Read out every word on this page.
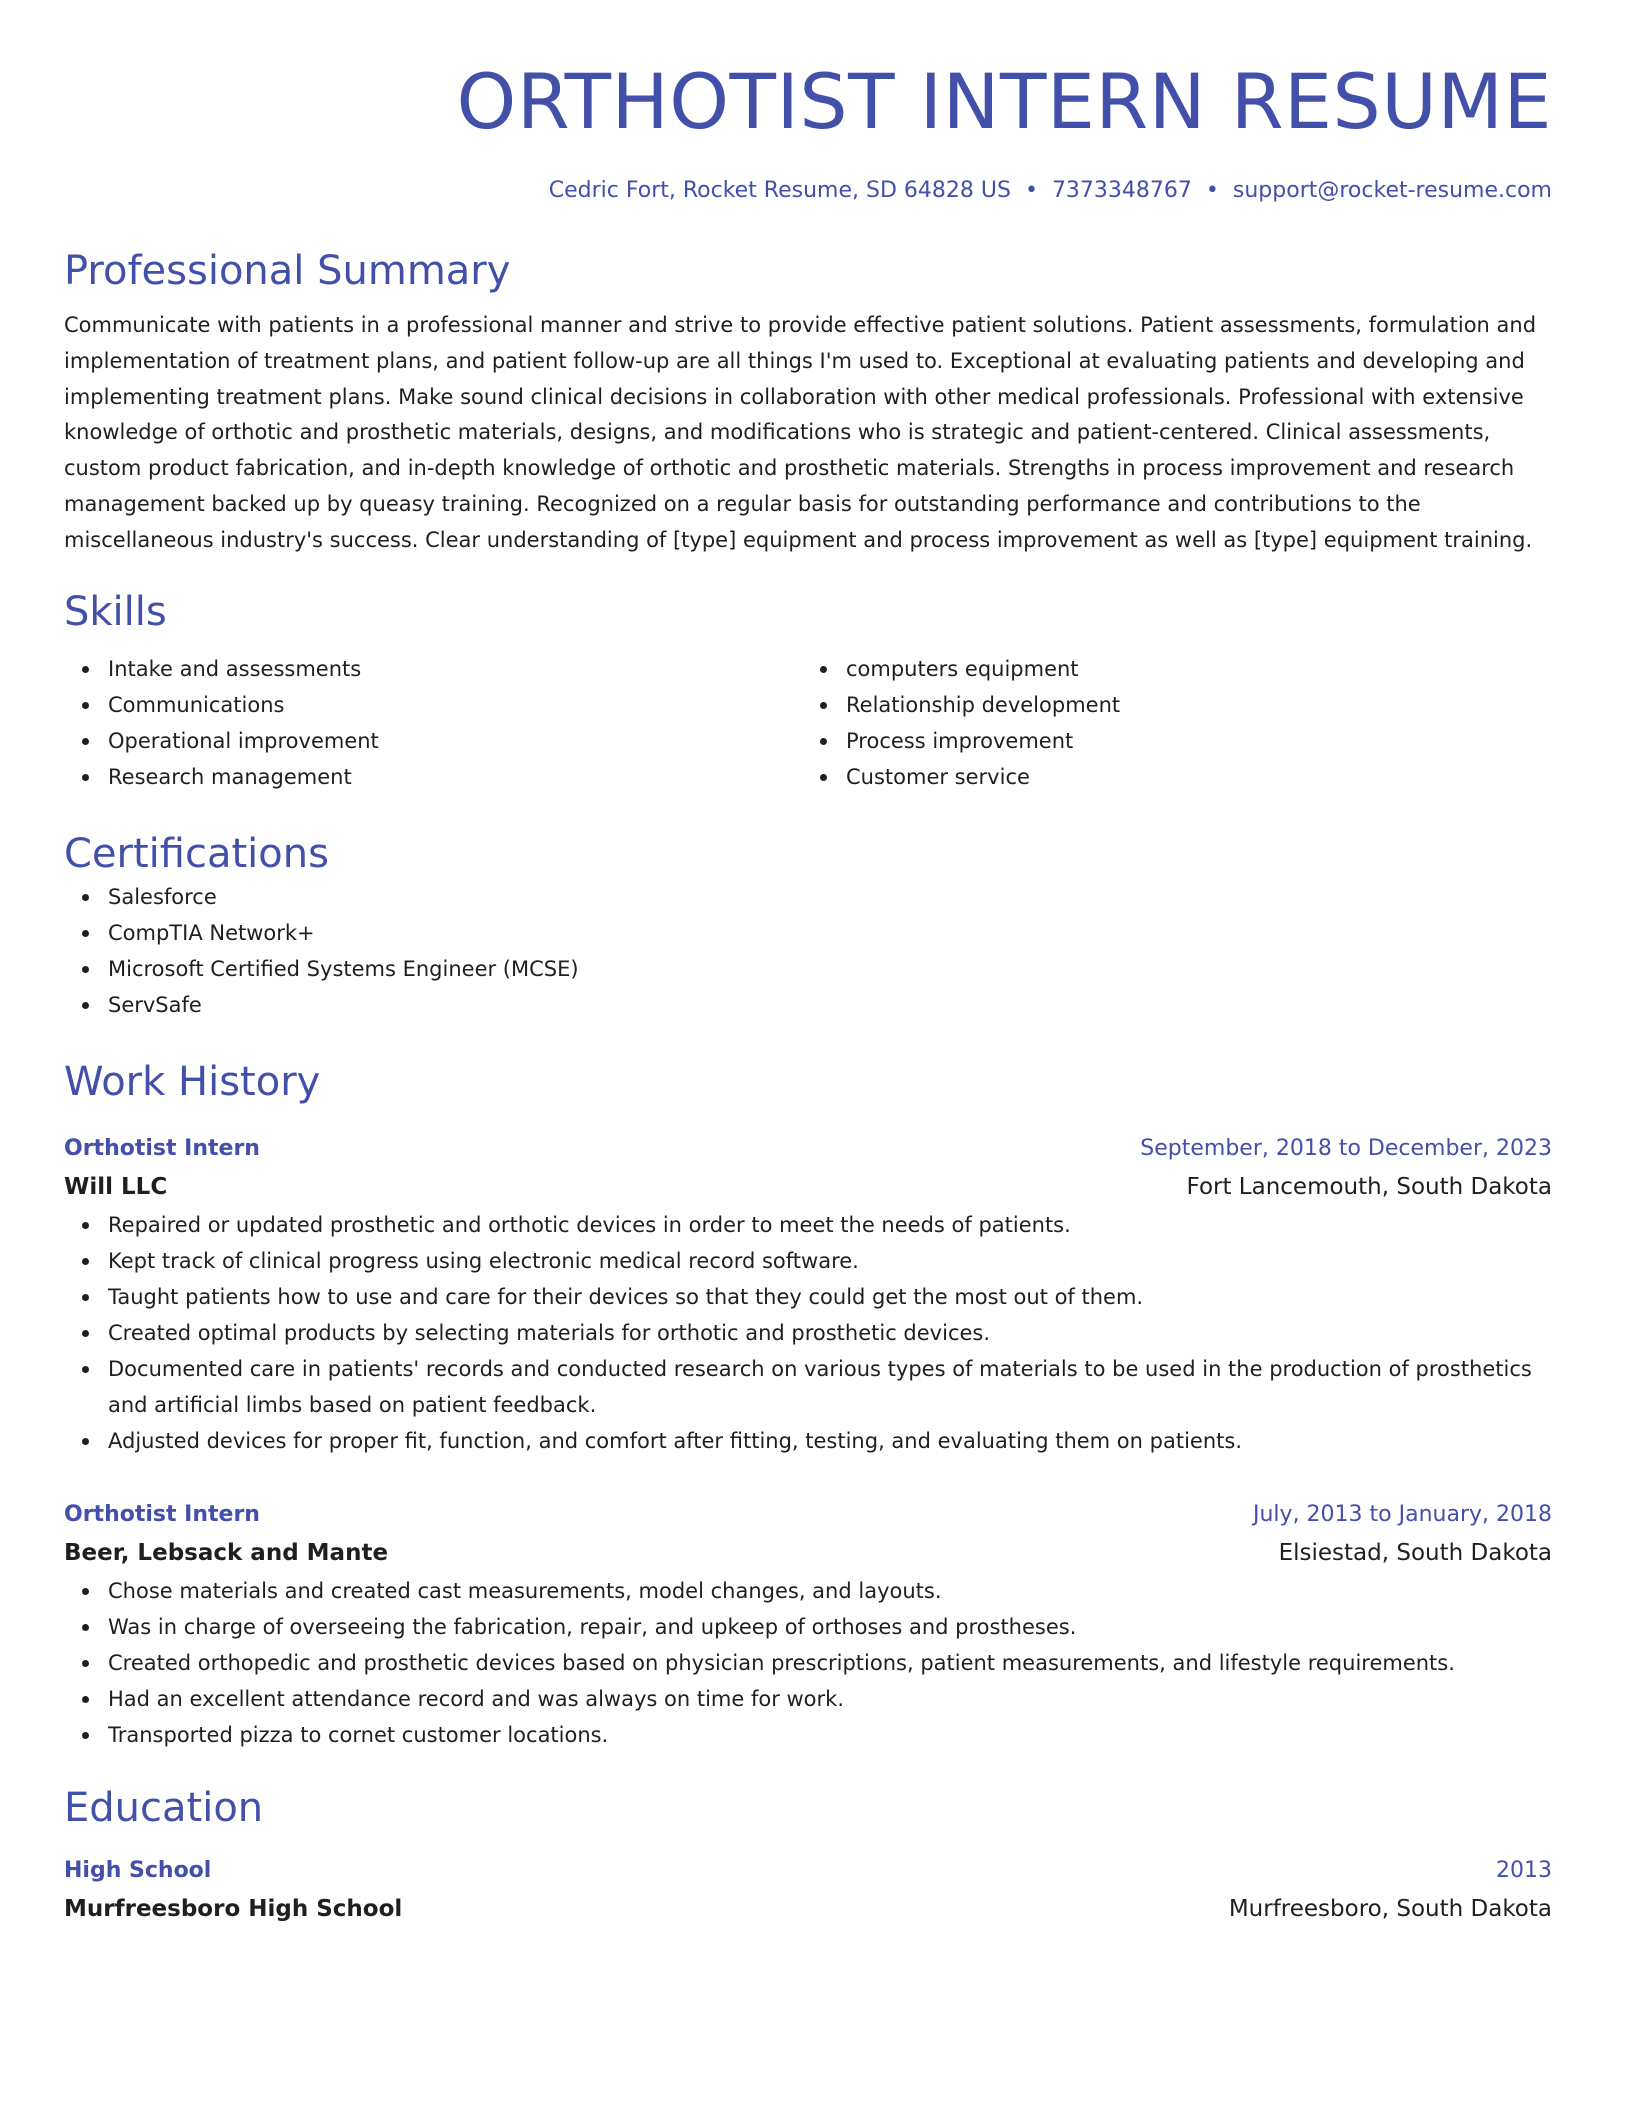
ORTHOTIST INTERN RESUME
Cedric Fort, Rocket Resume, SD 64828 US • 7373348767 • support@rocket-resume.com
Professional Summary

Communicate with patients in a professional manner and strive to provide effective patient solutions. Patient assessments, formulation and implementation of treatment plans, and patient follow-up are all things I'm used to. Exceptional at evaluating patients and developing and implementing treatment plans. Make sound clinical decisions in collaboration with other medical professionals. Professional with extensive knowledge of orthotic and prosthetic materials, designs, and modifications who is strategic and patient-centered. Clinical assessments, custom product fabrication, and in-depth knowledge of orthotic and prosthetic materials. Strengths in process improvement and research management backed up by queasy training. Recognized on a regular basis for outstanding performance and contributions to the miscellaneous industry's success. Clear understanding of [type] equipment and process improvement as well as [type] equipment training.

Skills
Intake and assessments
Communications
Operational improvement
Research management
computers equipment
Relationship development
Process improvement
Customer service
Certifications
Salesforce
CompTIA Network+
Microsoft Certified Systems Engineer (MCSE)
ServSafe
Work History
Orthotist Intern	September, 2018 to December, 2023
Will LLC	Fort Lancemouth, South Dakota
Repaired or updated prosthetic and orthotic devices in order to meet the needs of patients.
Kept track of clinical progress using electronic medical record software.
Taught patients how to use and care for their devices so that they could get the most out of them.
Created optimal products by selecting materials for orthotic and prosthetic devices.
Documented care in patients' records and conducted research on various types of materials to be used in the production of prosthetics and artificial limbs based on patient feedback.
Adjusted devices for proper fit, function, and comfort after fitting, testing, and evaluating them on patients.
Orthotist Intern	July, 2013 to January, 2018
Beer, Lebsack and Mante	Elsiestad, South Dakota
Chose materials and created cast measurements, model changes, and layouts.
Was in charge of overseeing the fabrication, repair, and upkeep of orthoses and prostheses.
Created orthopedic and prosthetic devices based on physician prescriptions, patient measurements, and lifestyle requirements.
Had an excellent attendance record and was always on time for work.
Transported pizza to cornet customer locations.
Education
High School	2013
Murfreesboro High School	Murfreesboro, South Dakota
